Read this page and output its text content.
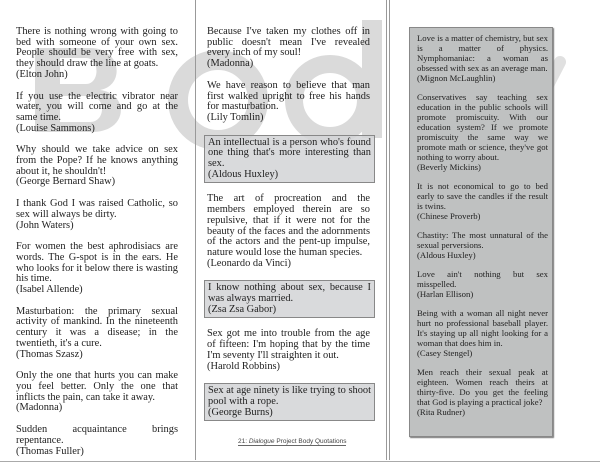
There is nothing wrong with going to bed with someone of your own sex. People should be very free with sex, they should draw the line at goats.
(Elton John)
If you use the electric vibrator near water, you will come and go at the same time.
(Louise Sammons)
Why should we take advice on sex from the Pope? If he knows anything about it, he shouldn't!
(George Bernard Shaw)
I thank God I was raised Catholic, so sex will always be dirty.
(John Waters)
For women the best aphrodisiacs are words. The G-spot is in the ears. He who looks for it below there is wasting his time.
(Isabel Allende)
Masturbation: the primary sexual activity of mankind. In the nineteenth century it was a disease; in the twentieth, it's a cure.
(Thomas Szasz)
Only the one that hurts you can make you feel better. Only the one that inflicts the pain, can take it away.
(Madonna)
Sudden acquaintance brings repentance.
(Thomas Fuller)
Because I've taken my clothes off in public doesn't mean I've revealed every inch of my soul!
(Madonna)
We have reason to believe that man first walked upright to free his hands for masturbation.
(Lily Tomlin)
An intellectual is a person who's found one thing that's more interesting than sex.
(Aldous Huxley)
The art of procreation and the members employed therein are so repulsive, that if it were not for the beauty of the faces and the adornments of the actors and the pent-up impulse, nature would lose the human species.
(Leonardo da Vinci)
I know nothing about sex, because I was always married.
(Zsa Zsa Gabor)
Sex got me into trouble from the age of fifteen: I'm hoping that by the time I'm seventy I'll straighten it out.
(Harold Robbins)
Sex at age ninety is like trying to shoot pool with a rope.
(George Burns)
Love is a matter of chemistry, but sex is a matter of physics. Nymphomaniac: a woman as obsessed with sex as an average man.
(Mignon McLaughlin)
Conservatives say teaching sex education in the public schools will promote promiscuity. With our education system? If we promote promiscuity the same way we promote math or science, they've got nothing to worry about.
(Beverly Mickins)
It is not economical to go to bed early to save the candles if the result is twins.
(Chinese Proverb)
Chastity: The most unnatural of the sexual perversions.
(Aldous Huxley)
Love ain't nothing but sex misspelled.
(Harlan Ellison)
Being with a woman all night never hurt no professional baseball player. It's staying up all night looking for a woman that does him in.
(Casey Stengel)
Men reach their sexual peak at eighteen. Women reach theirs at thirty-five. Do you get the feeling that God is playing a practical joke?
(Rita Rudner)
21: Dialogue Project Body Quotations
